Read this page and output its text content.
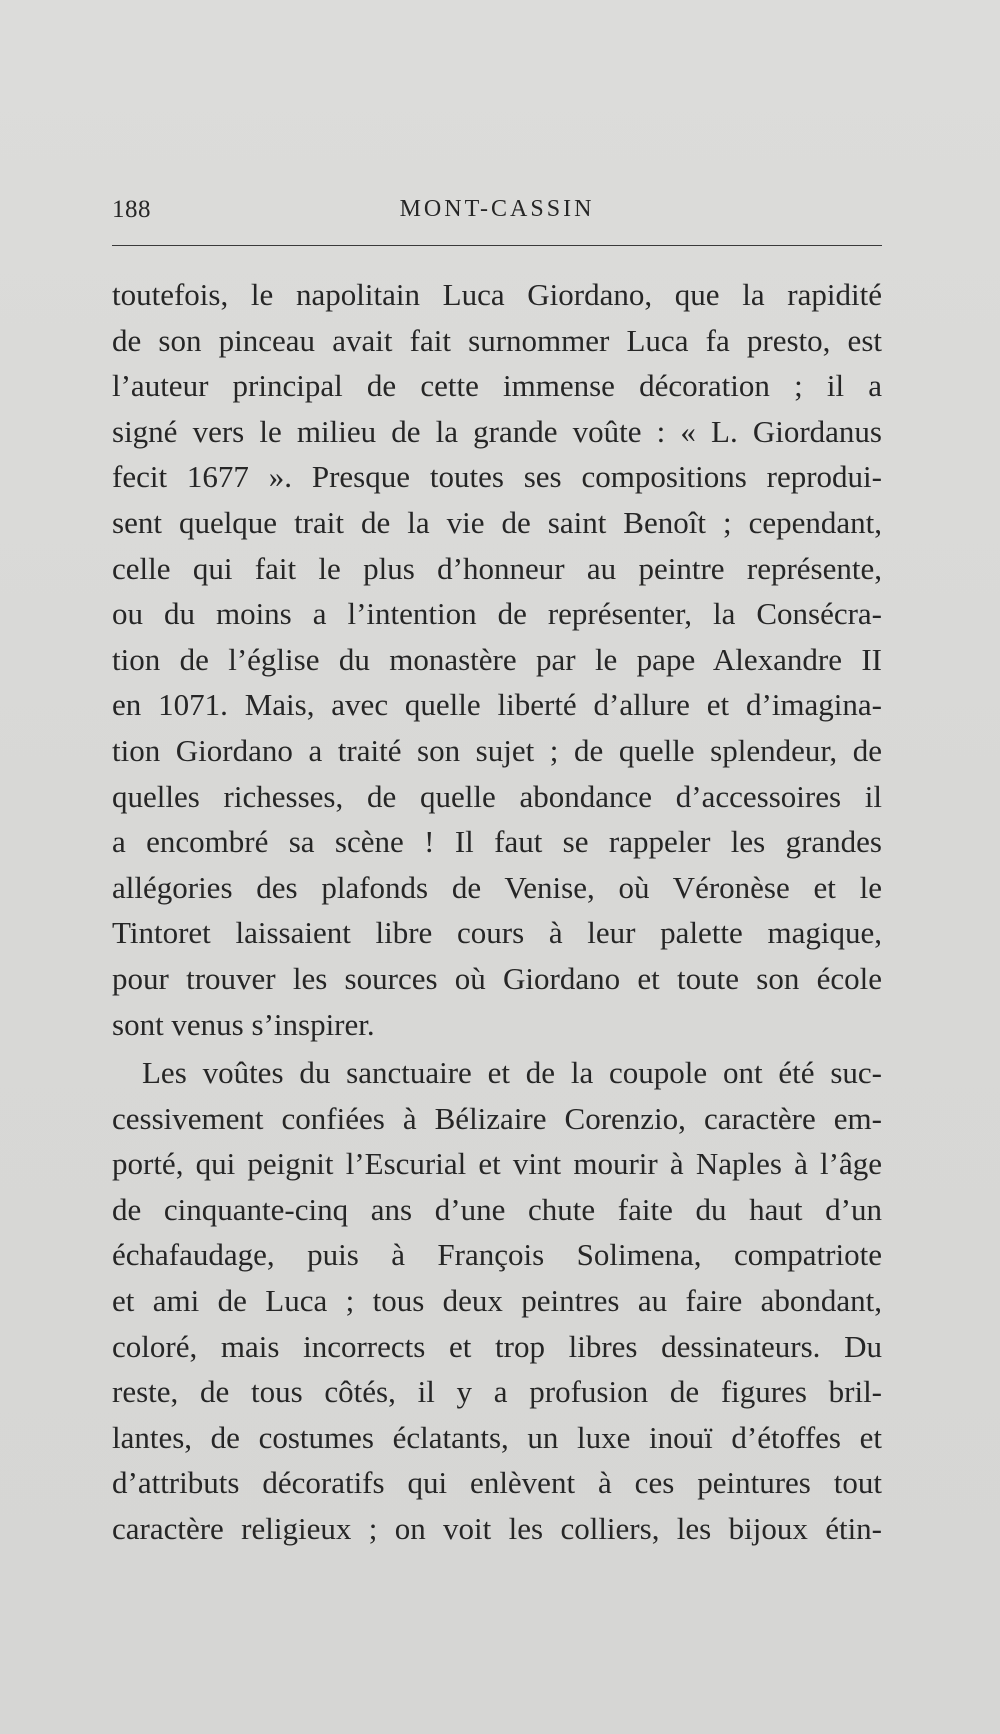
188	MONT-CASSIN
toutefois, le napolitain Luca Giordano, que la rapidité
de son pinceau avait fait surnommer Luca fa presto, est
l’auteur principal de cette immense décoration ; il a
signé vers le milieu de la grande voûte : « L. Giordanus
fecit 1677 ». Presque toutes ses compositions reprodui-
sent quelque trait de la vie de saint Benoît ; cependant,
celle qui fait le plus d’honneur au peintre représente,
ou du moins a l’intention de représenter, la Consécra-
tion de l’église du monastère par le pape Alexandre II
en 1071. Mais, avec quelle liberté d’allure et d’imagina-
tion Giordano a traité son sujet ; de quelle splendeur, de
quelles richesses, de quelle abondance d’accessoires il
a encombré sa scène ! Il faut se rappeler les grandes
allégories des plafonds de Venise, où Véronèse et le
Tintoret laissaient libre cours à leur palette magique,
pour trouver les sources où Giordano et toute son école
sont venus s’inspirer.
Les voûtes du sanctuaire et de la coupole ont été suc-
cessivement confiées à Bélizaire Corenzio, caractère em-
porté, qui peignit l’Escurial et vint mourir à Naples à l’âge
de cinquante-cinq ans d’une chute faite du haut d’un
échafaudage, puis à François Solimena, compatriote
et ami de Luca ; tous deux peintres au faire abondant,
coloré, mais incorrects et trop libres dessinateurs. Du
reste, de tous côtés, il y a profusion de figures bril-
lantes, de costumes éclatants, un luxe inouï d’étoffes et
d’attributs décoratifs qui enlèvent à ces peintures tout
caractère religieux ; on voit les colliers, les bijoux étin-
